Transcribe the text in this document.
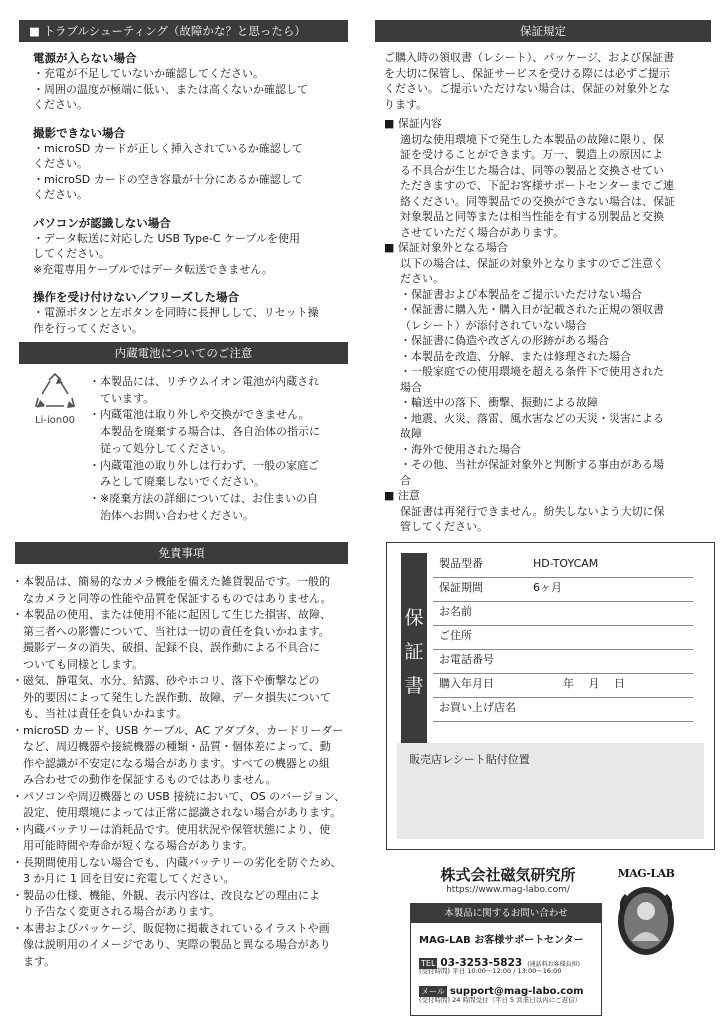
■ トラブルシューティング（故障かな？と思ったら）
電源が入らない場合
・充電が不足していないか確認してください。
・周囲の温度が極端に低い、または高くないか確認して
ください。
撮影できない場合
・microSD カードが正しく挿入されているか確認して
ください。
・microSD カードの空き容量が十分にあるか確認して
ください。
パソコンが認識しない場合
・データ転送に対応した USB Type-C ケーブルを使用
してください。
※充電専用ケーブルではデータ転送できません。
操作を受け付けない／フリーズした場合
・電源ボタンと左ボタンを同時に長押しして、リセット操
作を行ってください。
内蔵電池についてのご注意
Li-ion00
・本製品には、リチウムイオン電池が内蔵され
　ています。
・内蔵電池は取り外しや交換ができません。
　本製品を廃棄する場合は、各自治体の指示に
　従って処分してください。
・内蔵電池の取り外しは行わず、一般の家庭ご
　みとして廃棄しないでください。
・※廃棄方法の詳細については、お住まいの自
　治体へお問い合わせください。
免責事項
・本製品は、簡易的なカメラ機能を備えた雑貨製品です。一般的
　なカメラと同等の性能や品質を保証するものではありません。
・本製品の使用、または使用不能に起因して生じた損害、故障、
　第三者への影響について、当社は一切の責任を負いかねます。
　撮影データの消失、破損、記録不良、誤作動による不具合に
　ついても同様とします。
・磁気、静電気、水分、結露、砂やホコリ、落下や衝撃などの
　外的要因によって発生した誤作動、故障、データ損失について
　も、当社は責任を負いかねます。
・microSD カード、USB ケーブル、AC アダプタ、カードリーダー
　など、周辺機器や接続機器の種類・品質・個体差によって、動
　作や認識が不安定になる場合があります。すべての機器との組
　み合わせでの動作を保証するものではありません。
・パソコンや周辺機器との USB 接続において、OS のバージョン、
　設定、使用環境によっては正常に認識されない場合があります。
・内蔵バッテリーは消耗品です。使用状況や保管状態により、使
　用可能時間や寿命が短くなる場合があります。
・長期間使用しない場合でも、内蔵バッテリーの劣化を防ぐため、
　3 か月に 1 回を目安に充電してください。
・製品の仕様、機能、外観、表示内容は、改良などの理由によ
　り予告なく変更される場合があります。
・本書およびパッケージ、販促物に掲載されているイラストや画
　像は説明用のイメージであり、実際の製品と異なる場合があり
　ます。
保証規定
ご購入時の領収書（レシート）、パッケージ、および保証書
を大切に保管し、保証サービスを受ける際には必ずご提示
ください。ご提示いただけない場合は、保証の対象外とな
ります。
■ 保証内容
適切な使用環境下で発生した本製品の故障に限り、保
証を受けることができます。万一、製造上の原因によ
る不具合が生じた場合は、同等の製品と交換させてい
ただきますので、下記お客様サポートセンターまでご連
絡ください。同等製品での交換ができない場合は、保証
対象製品と同等または相当性能を有する別製品と交換
させていただく場合があります。
■ 保証対象外となる場合
以下の場合は、保証の対象外となりますのでご注意く
ださい。
・保証書および本製品をご提示いただけない場合
・保証書に購入先・購入日が記載された正規の領収書
（レシート）が添付されていない場合
・保証書に偽造や改ざんの形跡がある場合
・本製品を改造、分解、または修理された場合
・一般家庭での使用環境を超える条件下で使用された
場合
・輸送中の落下、衝撃、振動による故障
・地震、火災、落雷、風水害などの天災・災害による
故障
・海外で使用された場合
・その他、当社が保証対象外と判断する事由がある場
合
■ 注意
保証書は再発行できません。紛失しないよう大切に保
管してください。
保
証
書
製品型番	HD-TOYCAM
保証期間	6ヶ月
お名前
ご住所
お電話番号
購入年月日	年　 月　 日
お買い上げ店名
販売店レシート貼付位置
株式会社磁気研究所
https://www.mag-labo.com/
本製品に関するお問い合わせ
MAG-LAB お客様サポートセンター
TEL 03-3253-5823 (通話料お客様負担)
(受付時間) 平日 10:00～12:00 / 13:00～16:00
メール support@mag-labo.com
(受付時間) 24 時間受付（平日 5 営業日以内にご返信）
MAG-LAB
